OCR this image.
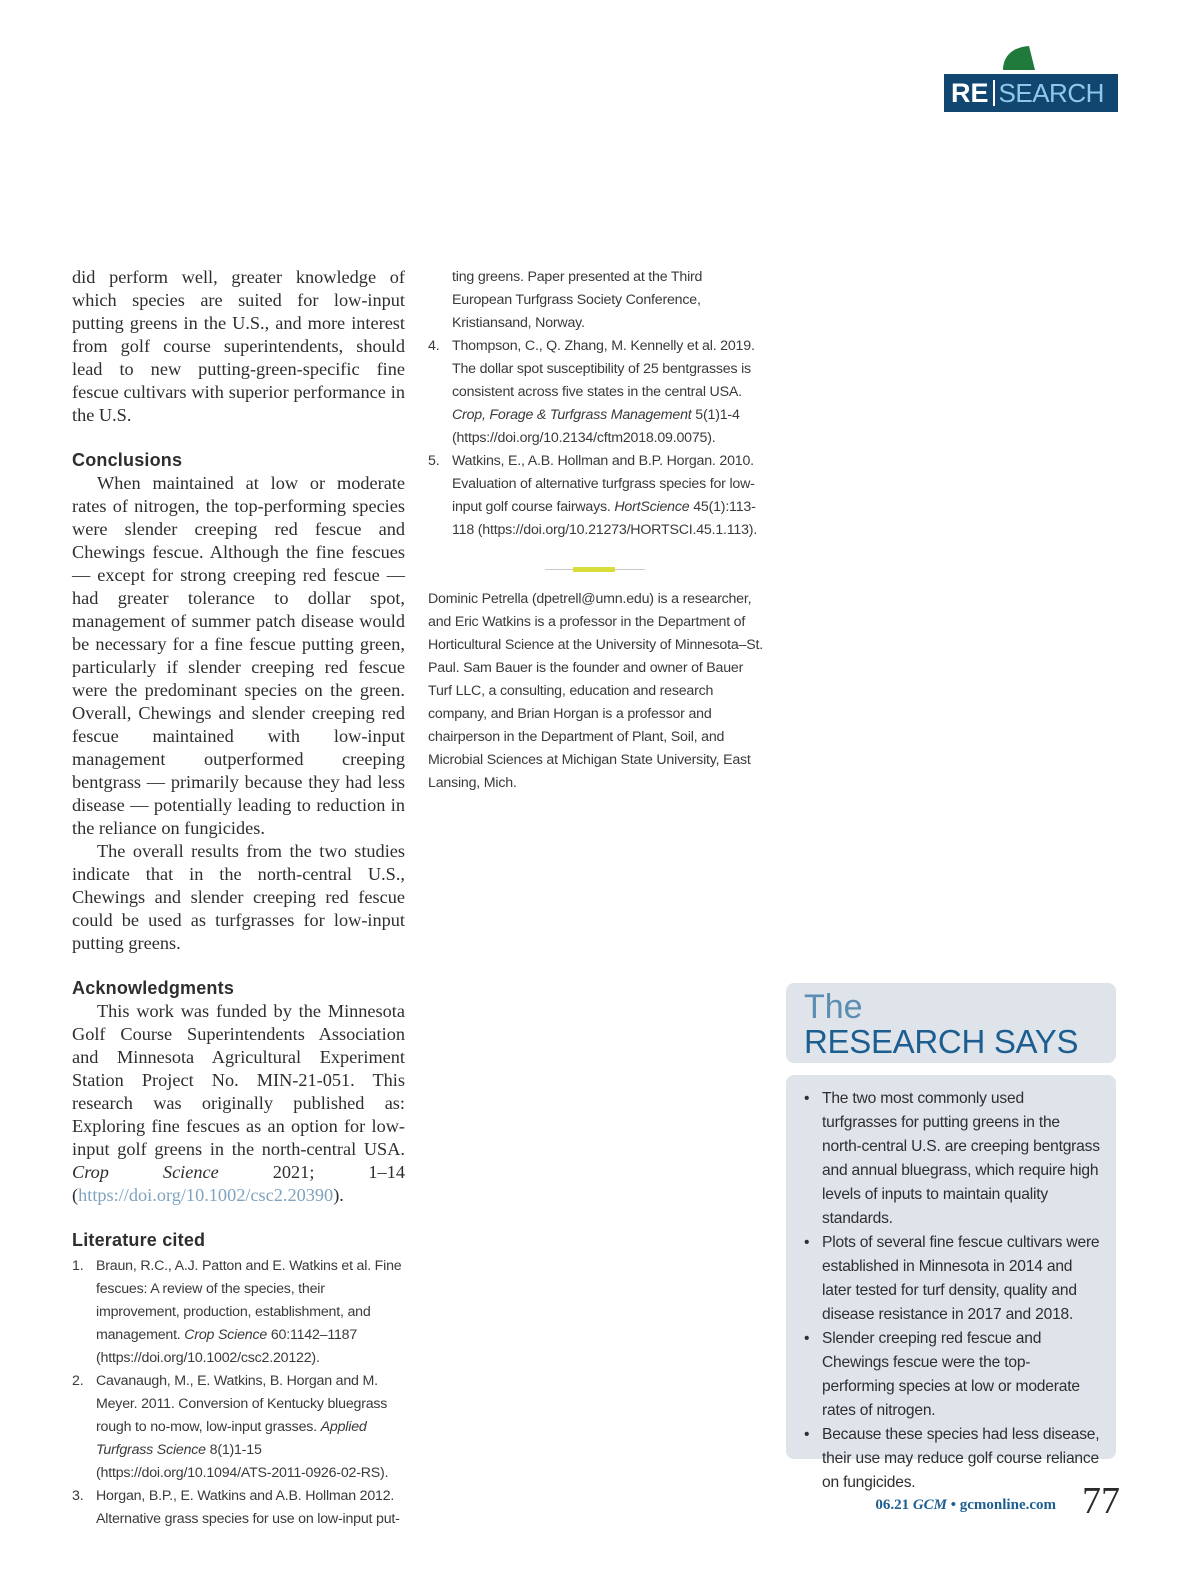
RE SEARCH

did perform well, greater knowledge of which species are suited for low-input putting greens in the U.S., and more interest from golf course superintendents, should lead to new putting-green-specific fine fescue cultivars with superior performance in the U.S.

Conclusions

When maintained at low or moderate rates of nitrogen, the top-performing species were slender creeping red fescue and Chewings fescue. Although the fine fescues — except for strong creeping red fescue — had greater tolerance to dollar spot, management of summer patch disease would be necessary for a fine fescue putting green, particularly if slender creeping red fescue were the predominant species on the green. Overall, Chewings and slender creeping red fescue maintained with low-input management outperformed creeping bentgrass — primarily because they had less disease — potentially leading to reduction in the reliance on fungicides.

The overall results from the two studies indicate that in the north-central U.S., Chewings and slender creeping red fescue could be used as turfgrasses for low-input putting greens.

Acknowledgments

This work was funded by the Minnesota Golf Course Superintendents Association and Minnesota Agricultural Experiment Station Project No. MIN-21-051. This research was originally published as: Exploring fine fescues as an option for low-input golf greens in the north-central USA. Crop Science 2021; 1–14 (https://doi.org/10.1002/csc2.20390).

Literature cited
1. Braun, R.C., A.J. Patton and E. Watkins et al. Fine fescues: A review of the species, their improvement, production, establishment, and management. Crop Science 60:1142–1187 (https://doi.org/10.1002/csc2.20122).
2. Cavanaugh, M., E. Watkins, B. Horgan and M. Meyer. 2011. Conversion of Kentucky bluegrass rough to no-mow, low-input grasses. Applied Turfgrass Science 8(1)1-15 (https://doi.org/10.1094/ATS-2011-0926-02-RS).
3. Horgan, B.P., E. Watkins and A.B. Hollman 2012. Alternative grass species for use on low-input put-
ting greens. Paper presented at the Third European Turfgrass Society Conference, Kristiansand, Norway.
4. Thompson, C., Q. Zhang, M. Kennelly et al. 2019. The dollar spot susceptibility of 25 bentgrasses is consistent across five states in the central USA. Crop, Forage & Turfgrass Management 5(1)1-4 (https://doi.org/10.2134/cftm2018.09.0075).
5. Watkins, E., A.B. Hollman and B.P. Horgan. 2010. Evaluation of alternative turfgrass species for low-input golf course fairways. HortScience 45(1):113-118 (https://doi.org/10.21273/HORTSCI.45.1.113).

Dominic Petrella (dpetrell@umn.edu) is a researcher, and Eric Watkins is a professor in the Department of Horticultural Science at the University of Minnesota–St. Paul. Sam Bauer is the founder and owner of Bauer Turf LLC, a consulting, education and research company, and Brian Horgan is a professor and chairperson in the Department of Plant, Soil, and Microbial Sciences at Michigan State University, East Lansing, Mich.

The
RESEARCH SAYS
• The two most commonly used turfgrasses for putting greens in the north-central U.S. are creeping bentgrass and annual bluegrass, which require high levels of inputs to maintain quality standards.
• Plots of several fine fescue cultivars were established in Minnesota in 2014 and later tested for turf density, quality and disease resistance in 2017 and 2018.
• Slender creeping red fescue and Chewings fescue were the top-performing species at low or moderate rates of nitrogen.
• Because these species had less disease, their use may reduce golf course reliance on fungicides.
06.21 GCM • gcmonline.com 77
